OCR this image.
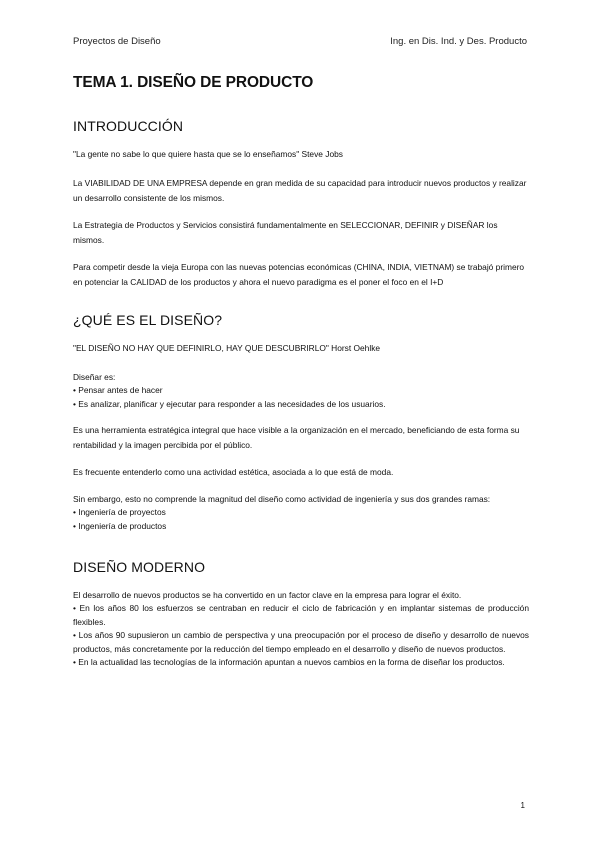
Proyectos de Diseño	Ing. en Dis. Ind. y Des. Producto
TEMA 1. DISEÑO DE PRODUCTO
INTRODUCCIÓN

"La gente no sabe lo que quiere hasta que se lo enseñamos" Steve Jobs

La VIABILIDAD DE UNA EMPRESA depende en gran medida de su capacidad para introducir nuevos productos y realizar un desarrollo consistente de los mismos.

La Estrategia de Productos y Servicios consistirá fundamentalmente en SELECCIONAR, DEFINIR y DISEÑAR los mismos.

Para competir desde la vieja Europa con las nuevas potencias económicas (CHINA, INDIA, VIETNAM) se trabajó primero en potenciar la CALIDAD de los productos y ahora el nuevo paradigma es el poner el foco en el I+D

¿QUÉ ES EL DISEÑO?

"EL DISEÑO NO HAY QUE DEFINIRLO, HAY QUE DESCUBRIRLO" Horst Oehlke

Diseñar es:
• Pensar antes de hacer
• Es analizar, planificar y ejecutar para responder a las necesidades de los usuarios.

Es una herramienta estratégica integral que hace visible a la organización en el mercado, beneficiando de esta forma su rentabilidad y la imagen percibida por el público.

Es frecuente entenderlo como una actividad estética, asociada a lo que está de moda.

Sin embargo, esto no comprende la magnitud del diseño como actividad de ingeniería y sus dos grandes ramas:
• Ingeniería de proyectos
• Ingeniería de productos
DISEÑO MODERNO
El desarrollo de nuevos productos se ha convertido en un factor clave en la empresa para lograr el éxito.
• En los años 80 los esfuerzos se centraban en reducir el ciclo de fabricación y en implantar sistemas de producción flexibles.
• Los años 90 supusieron un cambio de perspectiva y una preocupación por el proceso de diseño y desarrollo de nuevos productos, más concretamente por la reducción del tiempo empleado en el desarrollo y diseño de nuevos productos.
• En la actualidad las tecnologías de la información apuntan a nuevos cambios en la forma de diseñar los productos.
1
